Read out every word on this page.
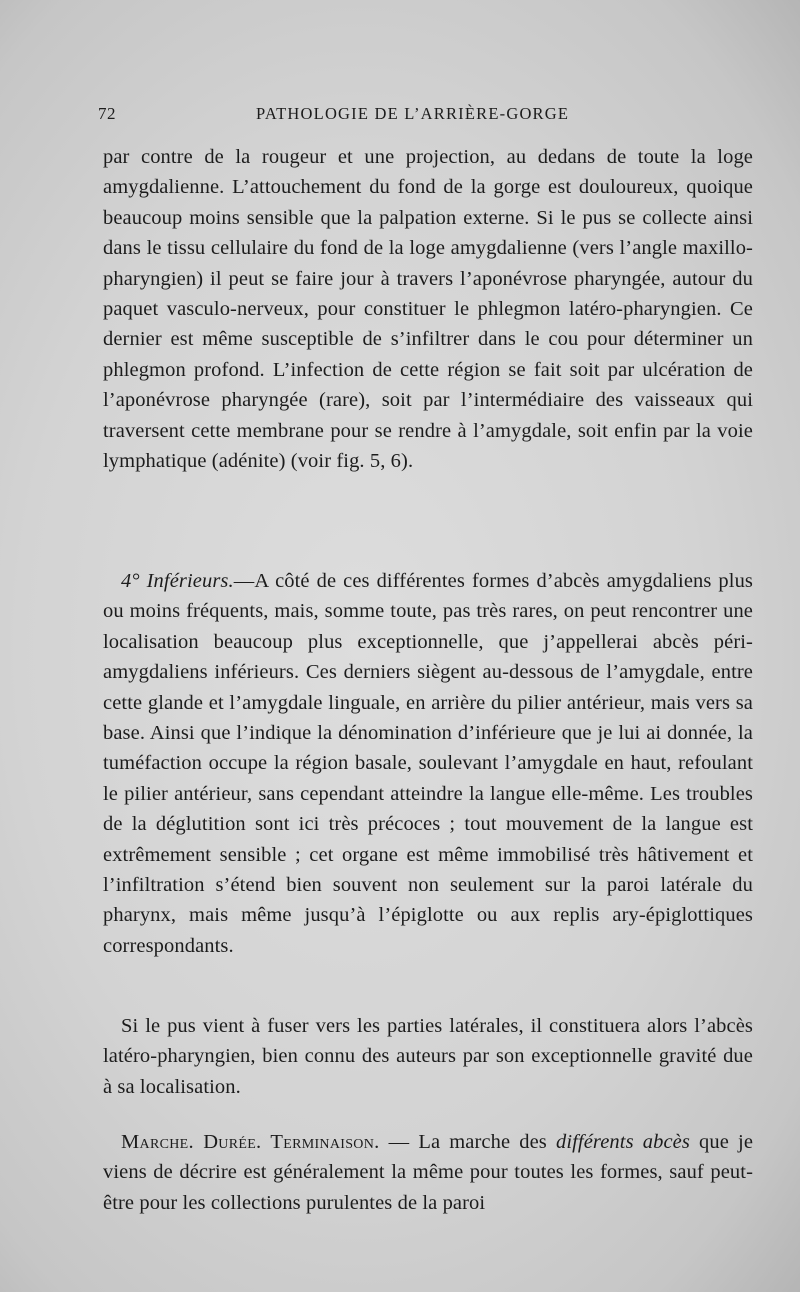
72	PATHOLOGIE DE L’ARRIÈRE-GORGE

par contre de la rougeur et une projection, au dedans de toute la loge amygdalienne. L’attouchement du fond de la gorge est douloureux, quoique beaucoup moins sensible que la palpation externe. Si le pus se collecte ainsi dans le tissu cellulaire du fond de la loge amygdalienne (vers l’angle maxillo-pharyngien) il peut se faire jour à travers l’aponévrose pharyngée, autour du paquet vasculo-nerveux, pour constituer le phlegmon latéro-pharyngien. Ce dernier est même susceptible de s’infiltrer dans le cou pour déterminer un phlegmon profond. L’infection de cette région se fait soit par ulcération de l’aponévrose pharyngée (rare), soit par l’intermédiaire des vaisseaux qui traversent cette membrane pour se rendre à l’amygdale, soit enfin par la voie lymphatique (adénite) (voir fig. 5, 6).

4° Inférieurs.—A côté de ces différentes formes d’abcès amygdaliens plus ou moins fréquents, mais, somme toute, pas très rares, on peut rencontrer une localisation beaucoup plus exceptionnelle, que j’appellerai abcès péri-amygdaliens inférieurs. Ces derniers siègent au-dessous de l’amygdale, entre cette glande et l’amygdale linguale, en arrière du pilier antérieur, mais vers sa base. Ainsi que l’indique la dénomination d’inférieure que je lui ai donnée, la tuméfaction occupe la région basale, soulevant l’amygdale en haut, refoulant le pilier antérieur, sans cependant atteindre la langue elle-même. Les troubles de la déglutition sont ici très précoces ; tout mouvement de la langue est extrêmement sensible ; cet organe est même immobilisé très hâtivement et l’infiltration s’étend bien souvent non seulement sur la paroi latérale du pharynx, mais même jusqu’à l’épiglotte ou aux replis ary-épiglottiques correspondants.

Si le pus vient à fuser vers les parties latérales, il constituera alors l’abcès latéro-pharyngien, bien connu des auteurs par son exceptionnelle gravité due à sa localisation.

Marche. Durée. Terminaison. — La marche des différents abcès que je viens de décrire est généralement la même pour toutes les formes, sauf peut-être pour les collections purulentes de la paroi
